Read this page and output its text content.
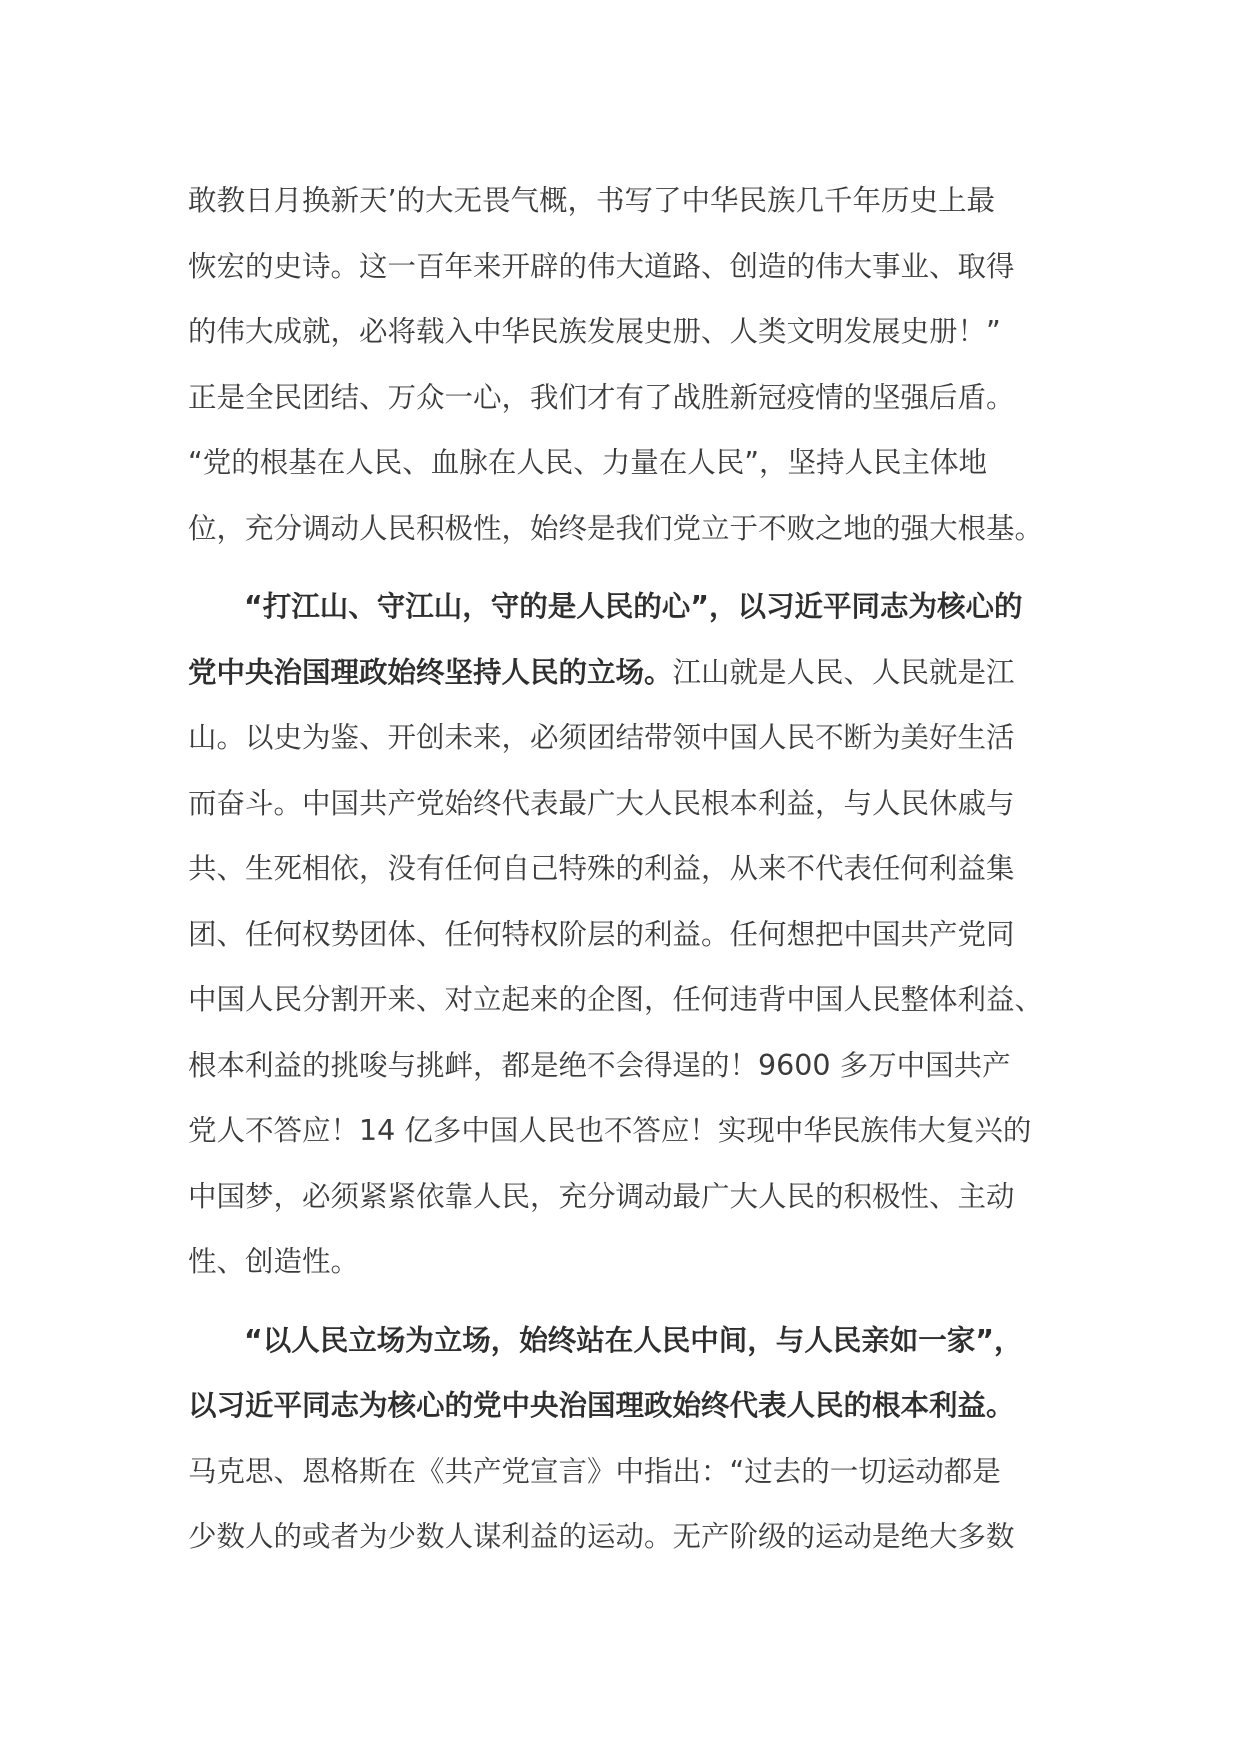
敢教日月换新天’的大无畏气概，书写了中华民族几千年历史上最
恢宏的史诗。这一百年来开辟的伟大道路、创造的伟大事业、取得
的伟大成就，必将载入中华民族发展史册、人类文明发展史册！”
正是全民团结、万众一心，我们才有了战胜新冠疫情的坚强后盾。
“党的根基在人民、血脉在人民、力量在人民”，坚持人民主体地
位，充分调动人民积极性，始终是我们党立于不败之地的强大根基。
“打江山、守江山，守的是人民的心”，以习近平同志为核心的
党中央治国理政始终坚持人民的立场。江山就是人民、人民就是江
山。以史为鉴、开创未来，必须团结带领中国人民不断为美好生活
而奋斗。中国共产党始终代表最广大人民根本利益，与人民休戚与
共、生死相依，没有任何自己特殊的利益，从来不代表任何利益集
团、任何权势团体、任何特权阶层的利益。任何想把中国共产党同
中国人民分割开来、对立起来的企图，任何违背中国人民整体利益、
根本利益的挑唆与挑衅，都是绝不会得逞的！9600 多万中国共产
党人不答应！14 亿多中国人民也不答应！实现中华民族伟大复兴的
中国梦，必须紧紧依靠人民，充分调动最广大人民的积极性、主动
性、创造性。
“以人民立场为立场，始终站在人民中间，与人民亲如一家”，
以习近平同志为核心的党中央治国理政始终代表人民的根本利益。
马克思、恩格斯在《共产党宣言》中指出：“过去的一切运动都是
少数人的或者为少数人谋利益的运动。无产阶级的运动是绝大多数
